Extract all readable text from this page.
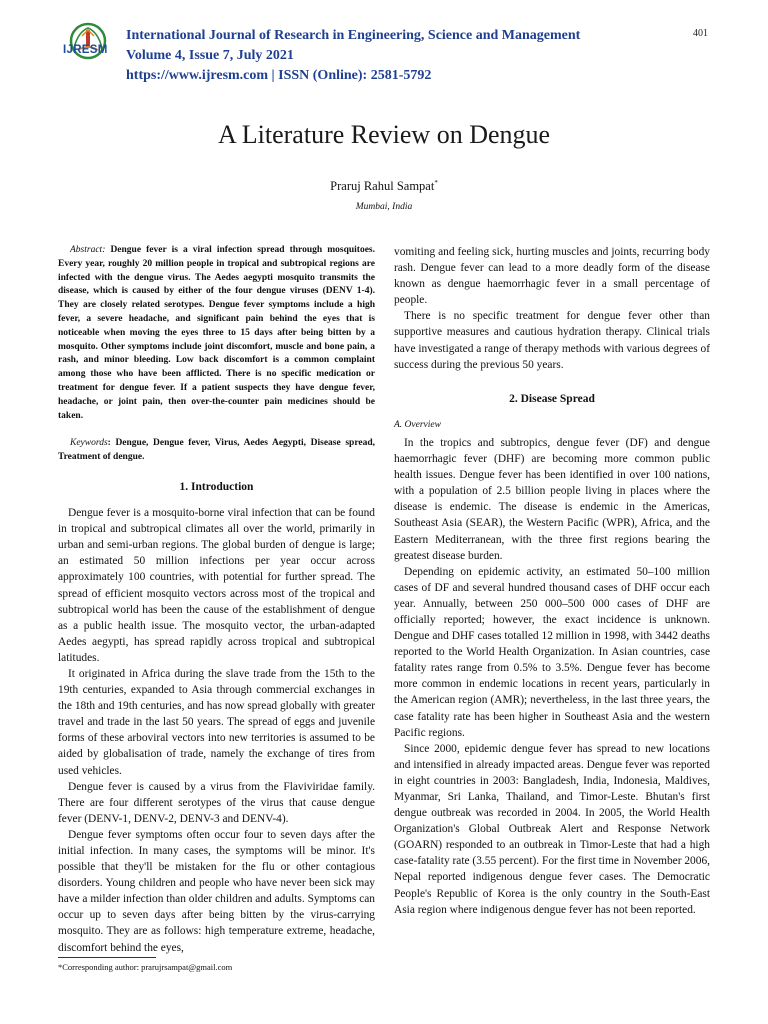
IJRESM
International Journal of Research in Engineering, Science and Management
Volume 4, Issue 7, July 2021
https://www.ijresm.com | ISSN (Online): 2581-5792
401
A Literature Review on Dengue
Praruj Rahul Sampat*
Mumbai, India

Abstract: Dengue fever is a viral infection spread through mosquitoes. Every year, roughly 20 million people in tropical and subtropical regions are infected with the dengue virus. The Aedes aegypti mosquito transmits the disease, which is caused by either of the four dengue viruses (DENV 1-4). They are closely related serotypes. Dengue fever symptoms include a high fever, a severe headache, and significant pain behind the eyes that is noticeable when moving the eyes three to 15 days after being bitten by a mosquito. Other symptoms include joint discomfort, muscle and bone pain, a rash, and minor bleeding. Low back discomfort is a common complaint among those who have been afflicted. There is no specific medication or treatment for dengue fever. If a patient suspects they have dengue fever, headache, or joint pain, then over-the-counter pain medicines should be taken.

Keywords: Dengue, Dengue fever, Virus, Aedes Aegypti, Disease spread, Treatment of dengue.

1. Introduction

Dengue fever is a mosquito-borne viral infection that can be found in tropical and subtropical climates all over the world, primarily in urban and semi-urban regions. The global burden of dengue is large; an estimated 50 million infections per year occur across approximately 100 countries, with potential for further spread. The spread of efficient mosquito vectors across most of the tropical and subtropical world has been the cause of the establishment of dengue as a public health issue. The mosquito vector, the urban-adapted Aedes aegypti, has spread rapidly across tropical and subtropical latitudes.

It originated in Africa during the slave trade from the 15th to the 19th centuries, expanded to Asia through commercial exchanges in the 18th and 19th centuries, and has now spread globally with greater travel and trade in the last 50 years. The spread of eggs and juvenile forms of these arboviral vectors into new territories is assumed to be aided by globalisation of trade, namely the exchange of tires from used vehicles.

Dengue fever is caused by a virus from the Flaviviridae family. There are four different serotypes of the virus that cause dengue fever (DENV-1, DENV-2, DENV-3 and DENV-4).

Dengue fever symptoms often occur four to seven days after the initial infection. In many cases, the symptoms will be minor. It's possible that they'll be mistaken for the flu or other contagious disorders. Young children and people who have never been sick may have a milder infection than older children and adults. Symptoms can occur up to seven days after being bitten by the virus-carrying mosquito. They are as follows: high temperature extreme, headache, discomfort behind the eyes,

vomiting and feeling sick, hurting muscles and joints, recurring body rash. Dengue fever can lead to a more deadly form of the disease known as dengue haemorrhagic fever in a small percentage of people.

There is no specific treatment for dengue fever other than supportive measures and cautious hydration therapy. Clinical trials have investigated a range of therapy methods with various degrees of success during the previous 50 years.

2. Disease Spread

A. Overview

In the tropics and subtropics, dengue fever (DF) and dengue haemorrhagic fever (DHF) are becoming more common public health issues. Dengue fever has been identified in over 100 nations, with a population of 2.5 billion people living in places where the disease is endemic. The disease is endemic in the Americas, Southeast Asia (SEAR), the Western Pacific (WPR), Africa, and the Eastern Mediterranean, with the three first regions bearing the greatest disease burden.

Depending on epidemic activity, an estimated 50–100 million cases of DF and several hundred thousand cases of DHF occur each year. Annually, between 250 000–500 000 cases of DHF are officially reported; however, the exact incidence is unknown. Dengue and DHF cases totalled 12 million in 1998, with 3442 deaths reported to the World Health Organization. In Asian countries, case fatality rates range from 0.5% to 3.5%. Dengue fever has become more common in endemic locations in recent years, particularly in the American region (AMR); nevertheless, in the last three years, the case fatality rate has been higher in Southeast Asia and the western Pacific regions.

Since 2000, epidemic dengue fever has spread to new locations and intensified in already impacted areas. Dengue fever was reported in eight countries in 2003: Bangladesh, India, Indonesia, Maldives, Myanmar, Sri Lanka, Thailand, and Timor-Leste. Bhutan's first dengue outbreak was recorded in 2004. In 2005, the World Health Organization's Global Outbreak Alert and Response Network (GOARN) responded to an outbreak in Timor-Leste that had a high case-fatality rate (3.55 percent). For the first time in November 2006, Nepal reported indigenous dengue fever cases. The Democratic People's Republic of Korea is the only country in the South-East Asia region where indigenous dengue fever has not been reported.

*Corresponding author: prarujrsampat@gmail.com
